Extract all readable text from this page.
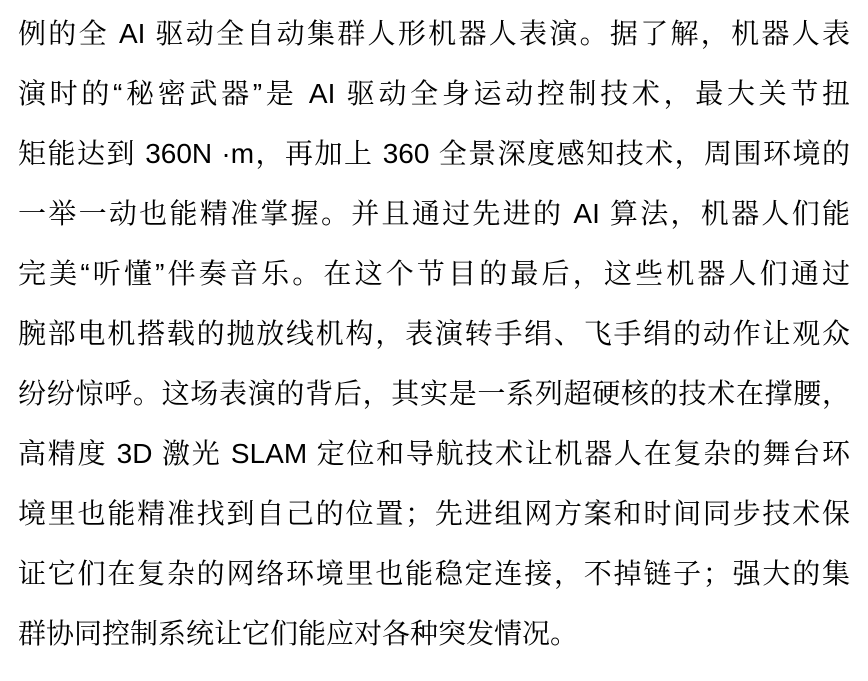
例的全 AI 驱动全自动集群人形机器人表演。据了解，机器人表
演时的“秘密武器”是 AI 驱动全身运动控制技术，最大关节扭
矩能达到 360N ·m，再加上 360 全景深度感知技术，周围环境的
一举一动也能精准掌握。并且通过先进的 AI 算法，机器人们能
完美“听懂”伴奏音乐。在这个节目的最后，这些机器人们通过
腕部电机搭载的抛放线机构，表演转手绢、飞手绢的动作让观众
纷纷惊呼。这场表演的背后，其实是一系列超硬核的技术在撑腰，
高精度 3D 激光 SLAM 定位和导航技术让机器人在复杂的舞台环
境里也能精准找到自己的位置；先进组网方案和时间同步技术保
证它们在复杂的网络环境里也能稳定连接，不掉链子；强大的集
群协同控制系统让它们能应对各种突发情况。
